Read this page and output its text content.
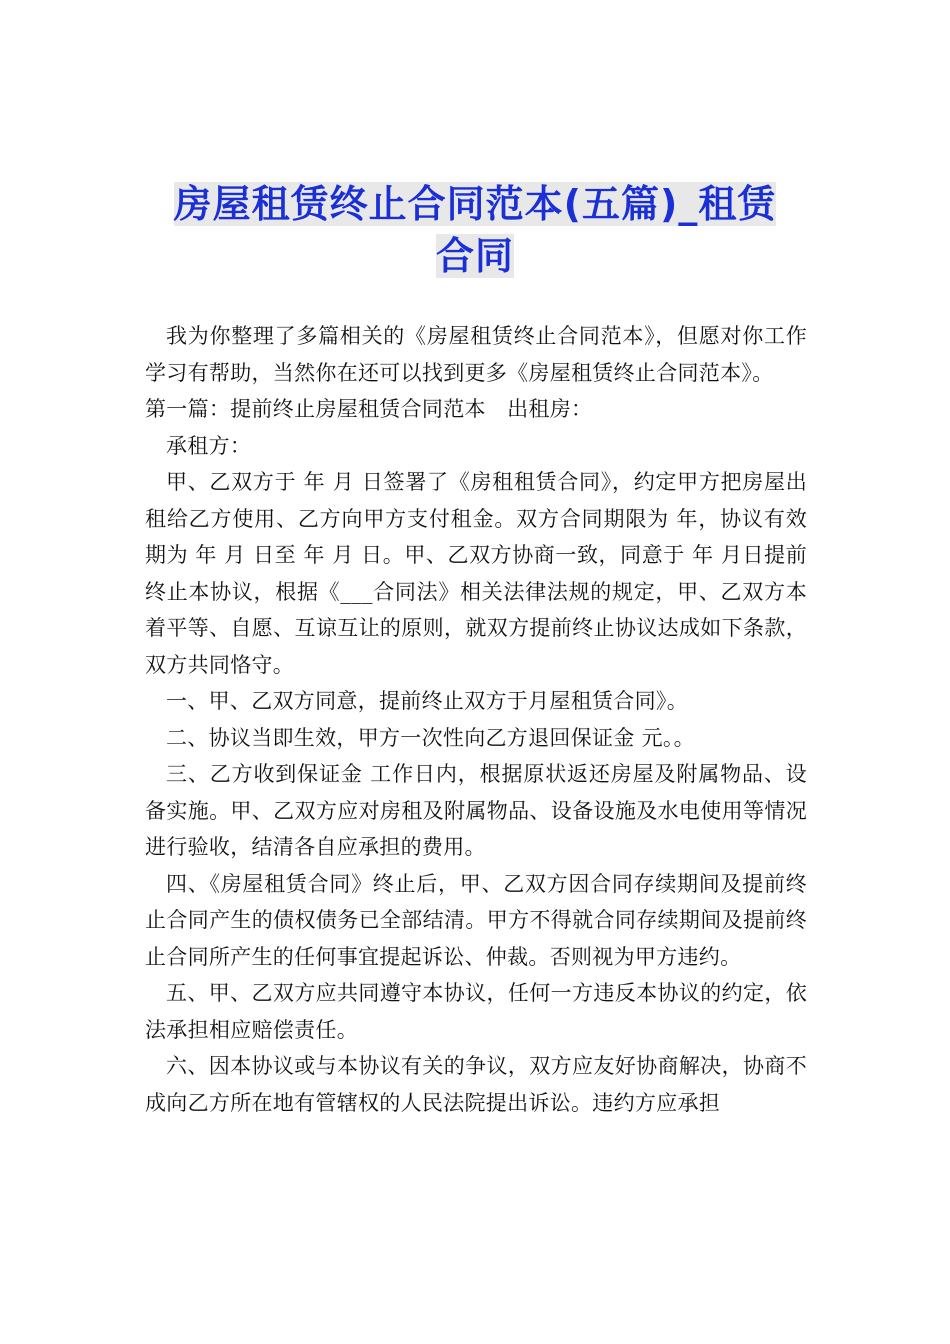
房屋租赁终止合同范本(五篇)_租赁合同

我为你整理了多篇相关的《房屋租赁终止合同范本》，但愿对你工作学习有帮助，当然你在还可以找到更多《房屋租赁终止合同范本》。

第一篇：提前终止房屋租赁合同范本　出租房：

承租方：

甲、乙双方于 年 月 日签署了《房租租赁合同》，约定甲方把房屋出租给乙方使用、乙方向甲方支付租金。双方合同期限为 年，协议有效期为 年 月 日至 年 月 日。甲、乙双方协商一致，同意于 年 月日提前终止本协议，根据《___合同法》相关法律法规的规定，甲、乙双方本着平等、自愿、互谅互让的原则，就双方提前终止协议达成如下条款，双方共同恪守。

一、甲、乙双方同意，提前终止双方于月屋租赁合同》。

二、协议当即生效，甲方一次性向乙方退回保证金 元。。

三、乙方收到保证金 工作日内，根据原状返还房屋及附属物品、设备实施。甲、乙双方应对房租及附属物品、设备设施及水电使用等情况进行验收，结清各自应承担的费用。

四、《房屋租赁合同》终止后，甲、乙双方因合同存续期间及提前终止合同产生的债权债务已全部结清。甲方不得就合同存续期间及提前终止合同所产生的任何事宜提起诉讼、仲裁。否则视为甲方违约。

五、甲、乙双方应共同遵守本协议，任何一方违反本协议的约定，依法承担相应赔偿责任。

六、因本协议或与本协议有关的争议，双方应友好协商解决，协商不成向乙方所在地有管辖权的人民法院提出诉讼。违约方应承担
